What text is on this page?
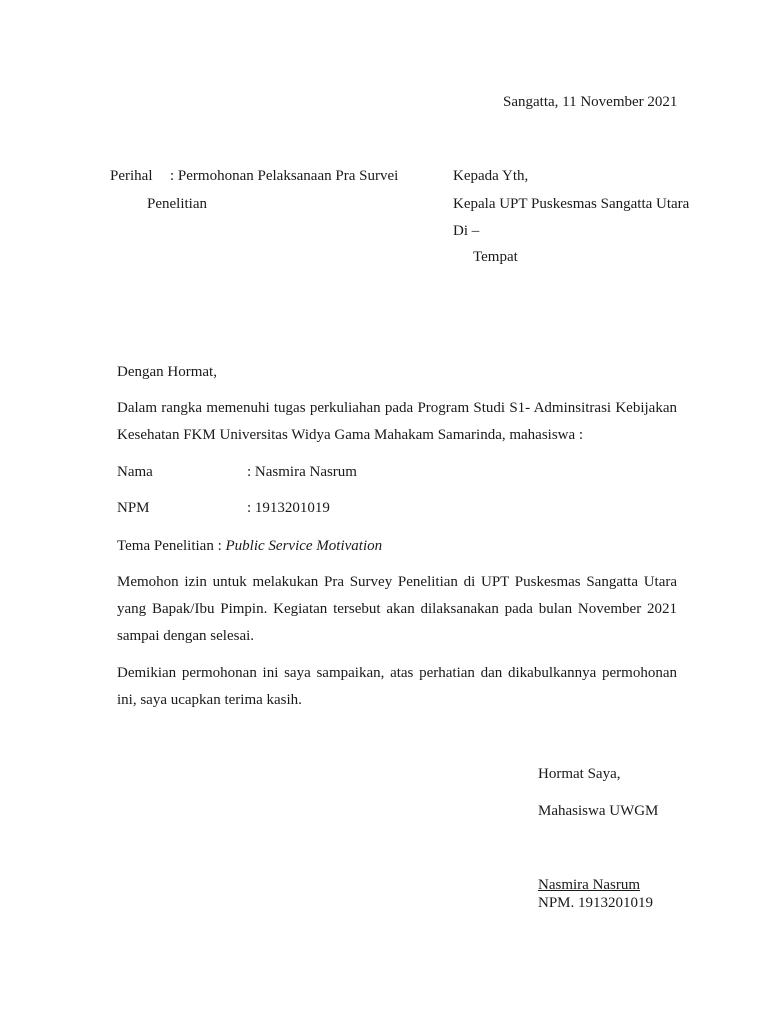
Sangatta, 11 November 2021
Perihal : Permohonan Pelaksanaan Pra Survei
Penelitian
Kepada Yth,
Kepala UPT Puskesmas Sangatta Utara
Di –
Tempat
Dengan Hormat,
Dalam rangka memenuhi tugas perkuliahan pada Program Studi S1- Adminsitrasi Kebijakan Kesehatan FKM Universitas Widya Gama Mahakam Samarinda, mahasiswa :
Nama	: Nasmira Nasrum
NPM	: 1913201019
Tema Penelitian : Public Service Motivation
Memohon izin untuk melakukan Pra Survey Penelitian di UPT Puskesmas Sangatta Utara yang Bapak/Ibu Pimpin. Kegiatan tersebut akan dilaksanakan pada bulan November 2021 sampai dengan selesai.
Demikian permohonan ini saya sampaikan, atas perhatian dan dikabulkannya permohonan ini, saya ucapkan terima kasih.
Hormat Saya,
Mahasiswa UWGM
Nasmira Nasrum
NPM. 1913201019
